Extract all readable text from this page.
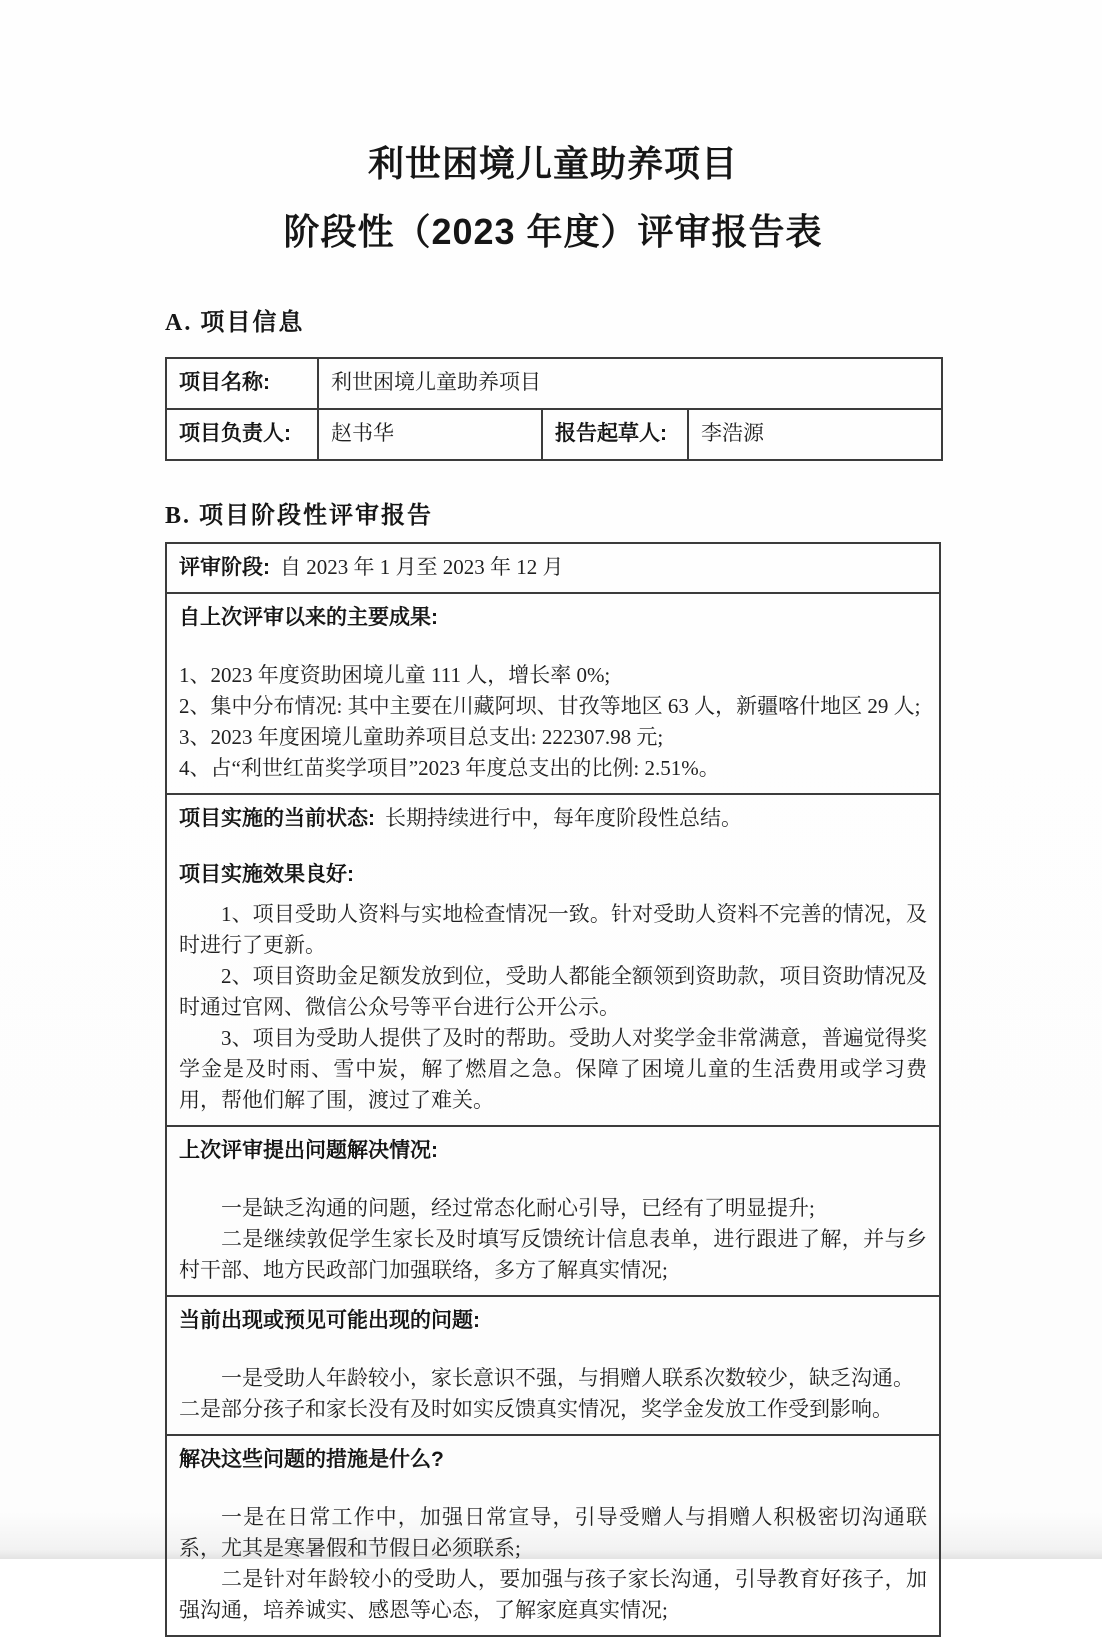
利世困境儿童助养项目
阶段性（2023 年度）评审报告表
A. 项目信息
项目名称:	利世困境儿童助养项目		
项目负责人:	赵书华	报告起草人:	李浩源
B. 项目阶段性评审报告
评审阶段: 自 2023 年 1 月至 2023 年 12 月

自上次评审以来的主要成果:

1、2023 年度资助困境儿童 111 人，增长率 0%;

2、集中分布情况: 其中主要在川藏阿坝、甘孜等地区 63 人，新疆喀什地区 29 人;

3、2023 年度困境儿童助养项目总支出: 222307.98 元;

4、占“利世红苗奖学项目”2023 年度总支出的比例: 2.51%。

项目实施的当前状态: 长期持续进行中，每年度阶段性总结。

项目实施效果良好:

1、项目受助人资料与实地检查情况一致。针对受助人资料不完善的情况，及时进行了更新。

2、项目资助金足额发放到位，受助人都能全额领到资助款，项目资助情况及时通过官网、微信公众号等平台进行公开公示。

3、项目为受助人提供了及时的帮助。受助人对奖学金非常满意，普遍觉得奖学金是及时雨、雪中炭，解了燃眉之急。保障了困境儿童的生活费用或学习费用，帮他们解了围，渡过了难关。

上次评审提出问题解决情况:

一是缺乏沟通的问题，经过常态化耐心引导，已经有了明显提升;

二是继续敦促学生家长及时填写反馈统计信息表单，进行跟进了解，并与乡村干部、地方民政部门加强联络，多方了解真实情况;

当前出现或预见可能出现的问题:

一是受助人年龄较小，家长意识不强，与捐赠人联系次数较少，缺乏沟通。

二是部分孩子和家长没有及时如实反馈真实情况，奖学金发放工作受到影响。

解决这些问题的措施是什么?

一是在日常工作中，加强日常宣导，引导受赠人与捐赠人积极密切沟通联系，尤其是寒暑假和节假日必须联系;

二是针对年龄较小的受助人，要加强与孩子家长沟通，引导教育好孩子，加强沟通，培养诚实、感恩等心态，了解家庭真实情况;
